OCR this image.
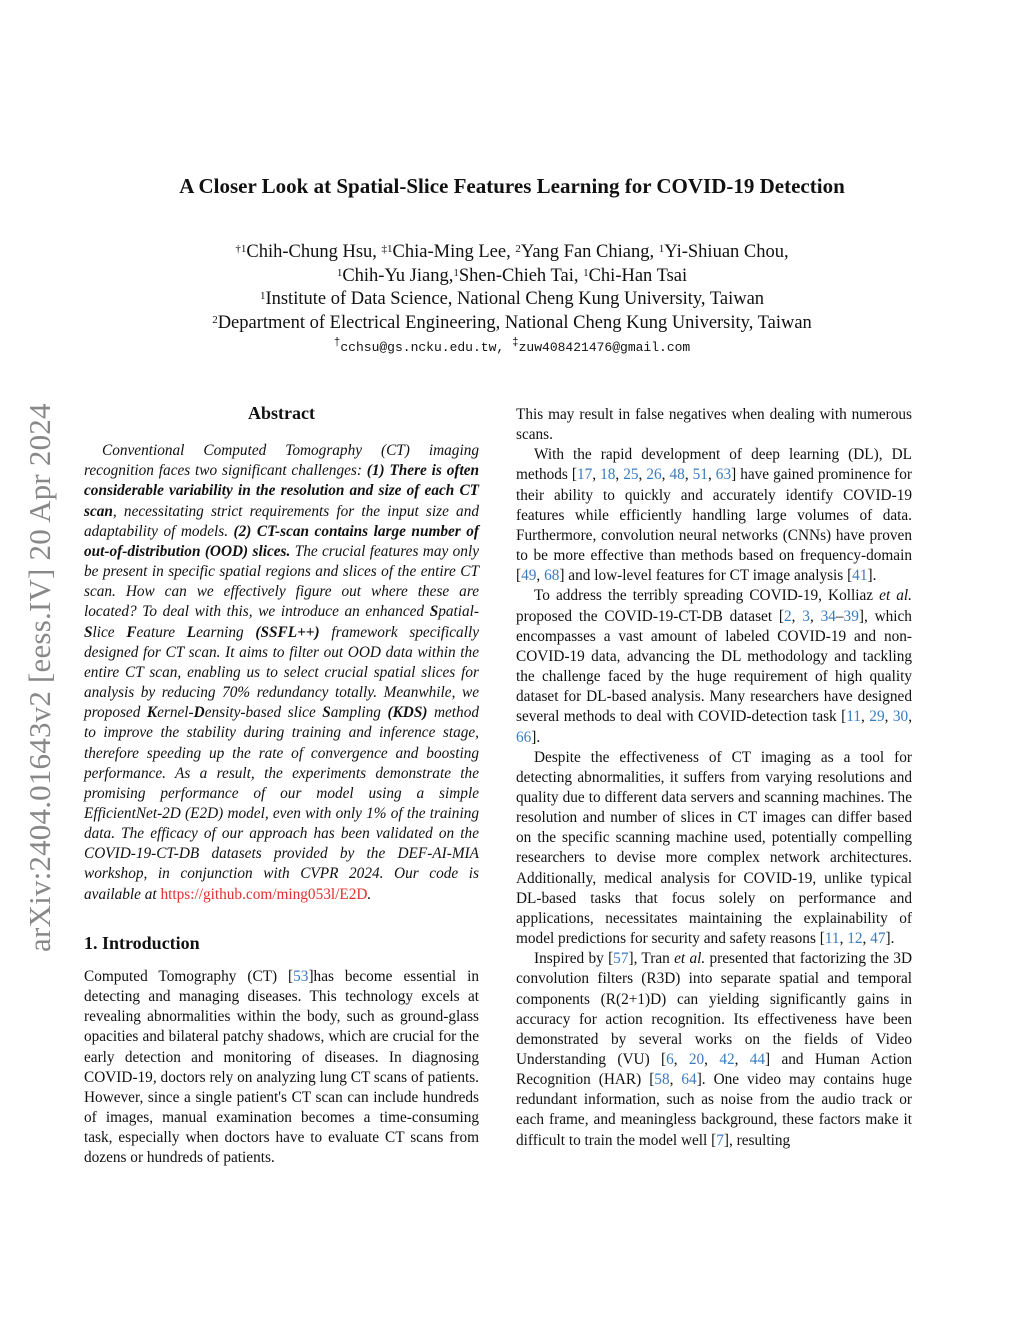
arXiv:2404.01643v2 [eess.IV] 20 Apr 2024
A Closer Look at Spatial-Slice Features Learning for COVID-19 Detection
$^{\dagger 1}$Chih-Chung Hsu, $^{\ddagger 1}$Chia-Ming Lee, $^2$Yang Fan Chiang, $^1$Yi-Shiuan Chou,
$^1$Chih-Yu Jiang,$^1$Shen-Chieh Tai, $^1$Chi-Han Tsai
$^1$Institute of Data Science, National Cheng Kung University, Taiwan
$^2$Department of Electrical Engineering, National Cheng Kung University, Taiwan
†cchsu@gs.ncku.edu.tw, ‡zuw408421476@gmail.com
Abstract

Conventional Computed Tomography (CT) imaging recognition faces two significant challenges: (1) There is often considerable variability in the resolution and size of each CT scan, necessitating strict requirements for the input size and adaptability of models. (2) CT-scan contains large number of out-of-distribution (OOD) slices. The crucial features may only be present in specific spatial regions and slices of the entire CT scan. How can we effectively figure out where these are located? To deal with this, we introduce an enhanced Spatial-Slice Feature Learning (SSFL++) framework specifically designed for CT scan. It aims to filter out OOD data within the entire CT scan, enabling us to select crucial spatial slices for analysis by reducing 70% redundancy totally. Meanwhile, we proposed Kernel-Density-based slice Sampling (KDS) method to improve the stability during training and inference stage, therefore speeding up the rate of convergence and boosting performance. As a result, the experiments demonstrate the promising performance of our model using a simple EfficientNet-2D (E2D) model, even with only 1% of the training data. The efficacy of our approach has been validated on the COVID-19-CT-DB datasets provided by the DEF-AI-MIA workshop, in conjunction with CVPR 2024. Our code is available at https://github.com/ming053l/E2D.

1. Introduction

Computed Tomography (CT) [53]has become essential in detecting and managing diseases. This technology excels at revealing abnormalities within the body, such as ground-glass opacities and bilateral patchy shadows, which are crucial for the early detection and monitoring of diseases. In diagnosing COVID-19, doctors rely on analyzing lung CT scans of patients. However, since a single patient's CT scan can include hundreds of images, manual examination becomes a time-consuming task, especially when doctors have to evaluate CT scans from dozens or hundreds of patients.

This may result in false negatives when dealing with numerous scans.

With the rapid development of deep learning (DL), DL methods [17, 18, 25, 26, 48, 51, 63] have gained prominence for their ability to quickly and accurately identify COVID-19 features while efficiently handling large volumes of data. Furthermore, convolution neural networks (CNNs) have proven to be more effective than methods based on frequency-domain [49, 68] and low-level features for CT image analysis [41].

To address the terribly spreading COVID-19, Kolliaz et al. proposed the COVID-19-CT-DB dataset [2, 3, 34–39], which encompasses a vast amount of labeled COVID-19 and non-COVID-19 data, advancing the DL methodology and tackling the challenge faced by the huge requirement of high quality dataset for DL-based analysis. Many researchers have designed several methods to deal with COVID-detection task [11, 29, 30, 66].

Despite the effectiveness of CT imaging as a tool for detecting abnormalities, it suffers from varying resolutions and quality due to different data servers and scanning machines. The resolution and number of slices in CT images can differ based on the specific scanning machine used, potentially compelling researchers to devise more complex network architectures. Additionally, medical analysis for COVID-19, unlike typical DL-based tasks that focus solely on performance and applications, necessitates maintaining the explainability of model predictions for security and safety reasons [11, 12, 47].

Inspired by [57], Tran et al. presented that factorizing the 3D convolution filters (R3D) into separate spatial and temporal components (R(2+1)D) can yielding significantly gains in accuracy for action recognition. Its effectiveness have been demonstrated by several works on the fields of Video Understanding (VU) [6, 20, 42, 44] and Human Action Recognition (HAR) [58, 64]. One video may contains huge redundant information, such as noise from the audio track or each frame, and meaningless background, these factors make it difficult to train the model well [7], resulting
